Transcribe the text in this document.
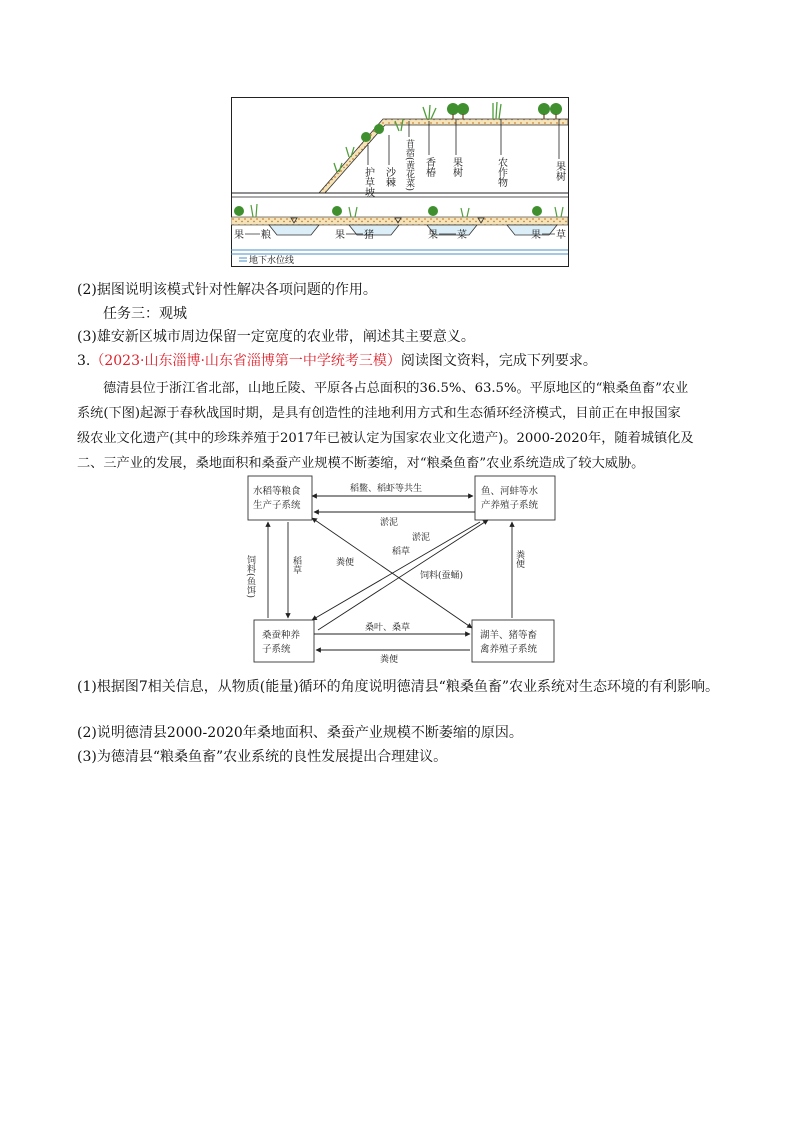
护草坡 沙棘 苜蓿(黄花菜) 香椿 果树	农作物	果树
果 粮	果 猪	果 菜	果 草
地下水位线
(2)据图说明该模式针对性解决各项问题的作用。
任务三：观城
(3)雄安新区城市周边保留一定宽度的农业带，阐述其主要意义。
3.（2023·山东淄博·山东省淄博第一中学统考三模）阅读图文资料，完成下列要求。
德清县位于浙江省北部，山地丘陵、平原各占总面积的36.5%、63.5%。平原地区的“粮桑鱼畜”农业
系统(下图)起源于春秋战国时期，是具有创造性的洼地利用方式和生态循环经济模式，目前正在申报国家
级农业文化遗产(其中的珍珠养殖于2017年已被认定为国家农业文化遗产)。2000-2020年，随着城镇化及
二、三产业的发展，桑地面积和桑蚕产业规模不断萎缩，对“粮桑鱼畜”农业系统造成了较大威胁。
水稻等粮食
生产子系统
鱼、河蚌等水
产养殖子系统
桑蚕种养
子系统
湖羊、猪等畜
禽养殖子系统
稻鳖、稻虾等共生
淤泥
饲料(鱼饵)	稻草	粪便
稻草
淤泥
饲料(蚕蛹)
粪便
桑叶、桑草
粪便
(1)根据图7相关信息，从物质(能量)循环的角度说明德清县“粮桑鱼畜”农业系统对生态环境的有利影响。
(2)说明德清县2000-2020年桑地面积、桑蚕产业规模不断萎缩的原因。
(3)为德清县“粮桑鱼畜”农业系统的良性发展提出合理建议。
